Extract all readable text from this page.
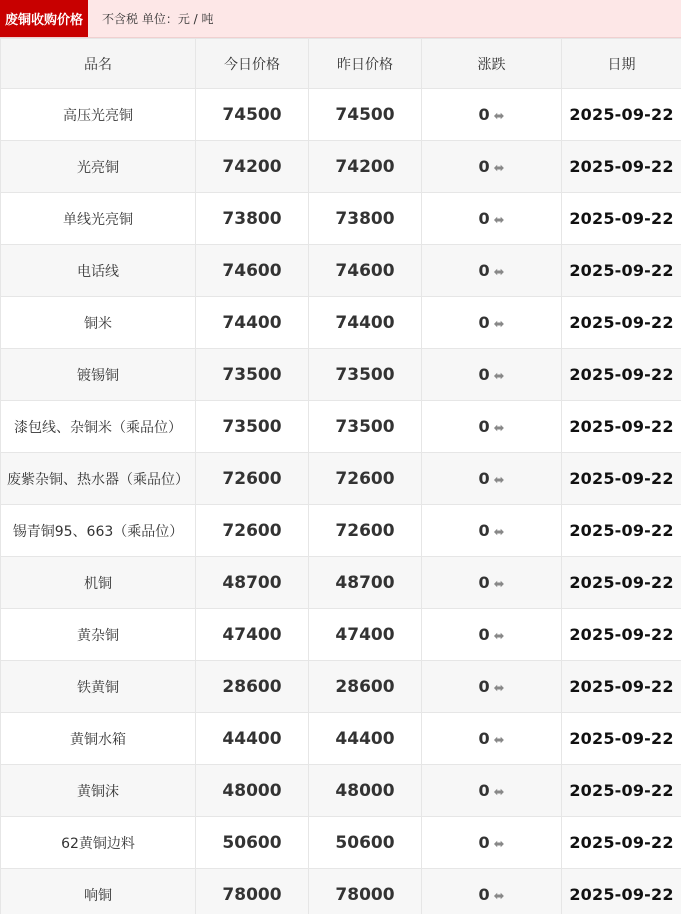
废铜收购价格	不含税 单位：元 / 吨
品名	今日价格	昨日价格	涨跌	日期
高压光亮铜	74500	74500	0 ⬌	2025-09-22
光亮铜	74200	74200	0 ⬌	2025-09-22
单线光亮铜	73800	73800	0 ⬌	2025-09-22
电话线	74600	74600	0 ⬌	2025-09-22
铜米	74400	74400	0 ⬌	2025-09-22
镀锡铜	73500	73500	0 ⬌	2025-09-22
漆包线、杂铜米（乘品位）	73500	73500	0 ⬌	2025-09-22
废紫杂铜、热水器（乘品位）	72600	72600	0 ⬌	2025-09-22
锡青铜95、663（乘品位）	72600	72600	0 ⬌	2025-09-22
机铜	48700	48700	0 ⬌	2025-09-22
黄杂铜	47400	47400	0 ⬌	2025-09-22
铁黄铜	28600	28600	0 ⬌	2025-09-22
黄铜水箱	44400	44400	0 ⬌	2025-09-22
黄铜沫	48000	48000	0 ⬌	2025-09-22
62黄铜边料	50600	50600	0 ⬌	2025-09-22
响铜	78000	78000	0 ⬌	2025-09-22
